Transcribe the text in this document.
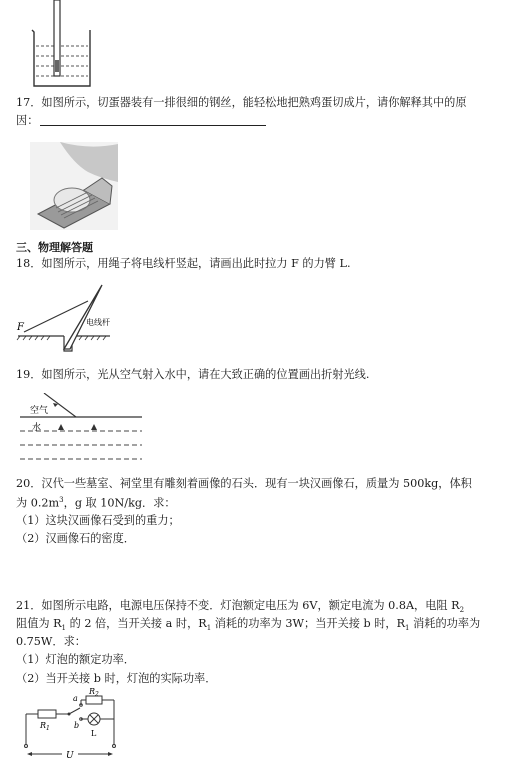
17．如图所示，切蛋器装有一排很细的钢丝，能轻松地把熟鸡蛋切成片，请你解释其中的原
因：
三、物理解答题
18．如图所示，用绳子将电线杆竖起，请画出此时拉力 F 的力臂 L.
F	电线杆
19．如图所示，光从空气射入水中，请在大致正确的位置画出折射光线.
空气
水
20．汉代一些墓室、祠堂里有雕刻着画像的石头．现有一块汉画像石，质量为 500kg，体积
为 $0.2m^3$，g 取 10N/kg．求：
（1）这块汉画像石受到的重力；
（2）汉画像石的密度．
21．如图所示电路，电源电压保持不变．灯泡额定电压为 6V，额定电流为 0.8A，电阻 $R_2$
阻值为 $R_1$ 的 2 倍，当开关接 a 时，$R_1$ 消耗的功率为 3W；当开关接 b 时，$R_1$ 消耗的功率为
0.75W．求：
（1）灯泡的额定功率．
（2）当开关接 b 时，灯泡的实际功率．
U
$R_1$
$R_2$
a
b
L
